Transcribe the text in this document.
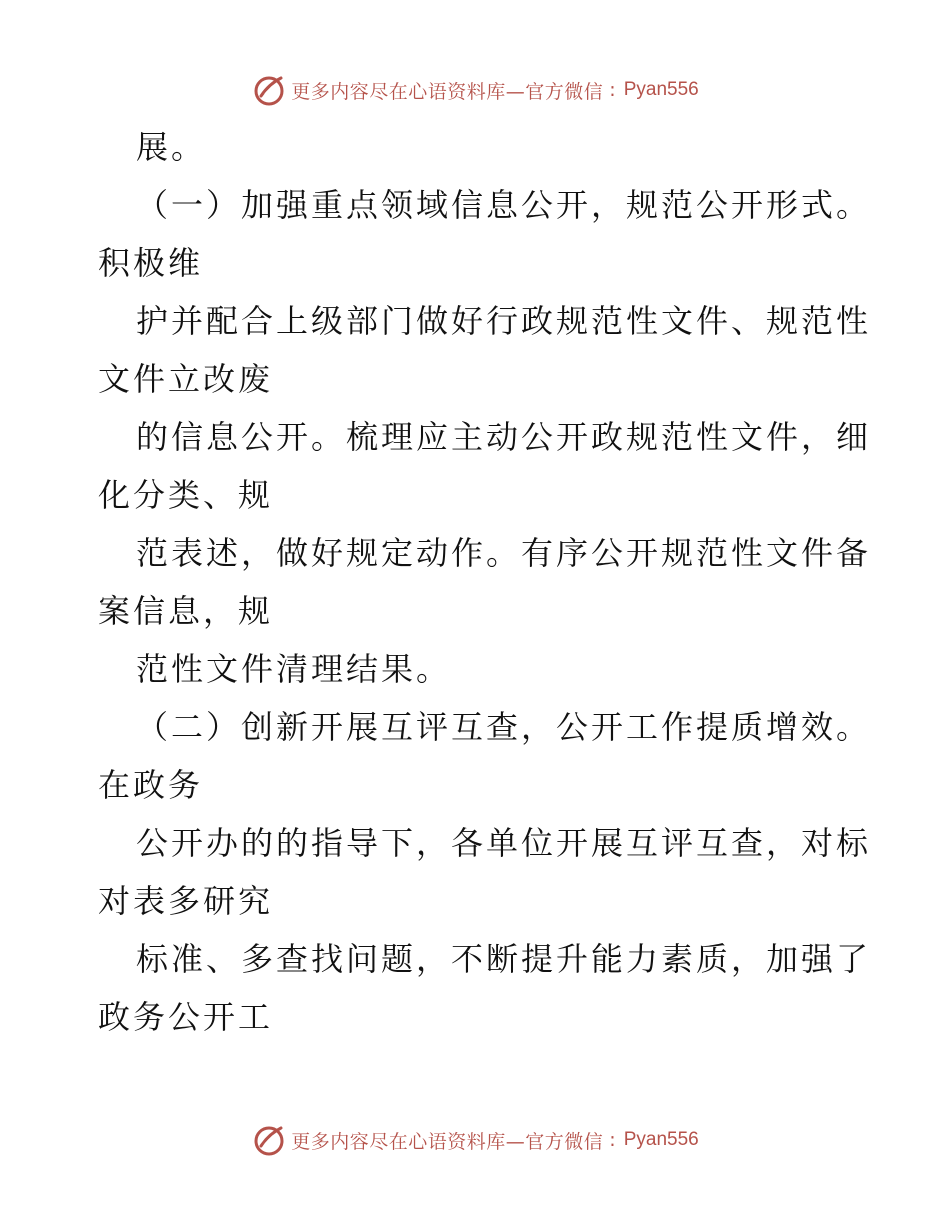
更多内容尽在心语资料库—官方微信 : Pyan556
展。
（一）加强重点领域信息公开，规范公开形式。
积极维
护并配合上级部门做好行政规范性文件、规范性
文件立改废
的信息公开。梳理应主动公开政规范性文件，细
化分类、规
范表述，做好规定动作。有序公开规范性文件备
案信息，规
范性文件清理结果。
（二）创新开展互评互查，公开工作提质增效。
在政务
公开办的的指导下，各单位开展互评互查，对标
对表多研究
标准、多查找问题，不断提升能力素质，加强了
政务公开工
更多内容尽在心语资料库—官方微信 : Pyan556
